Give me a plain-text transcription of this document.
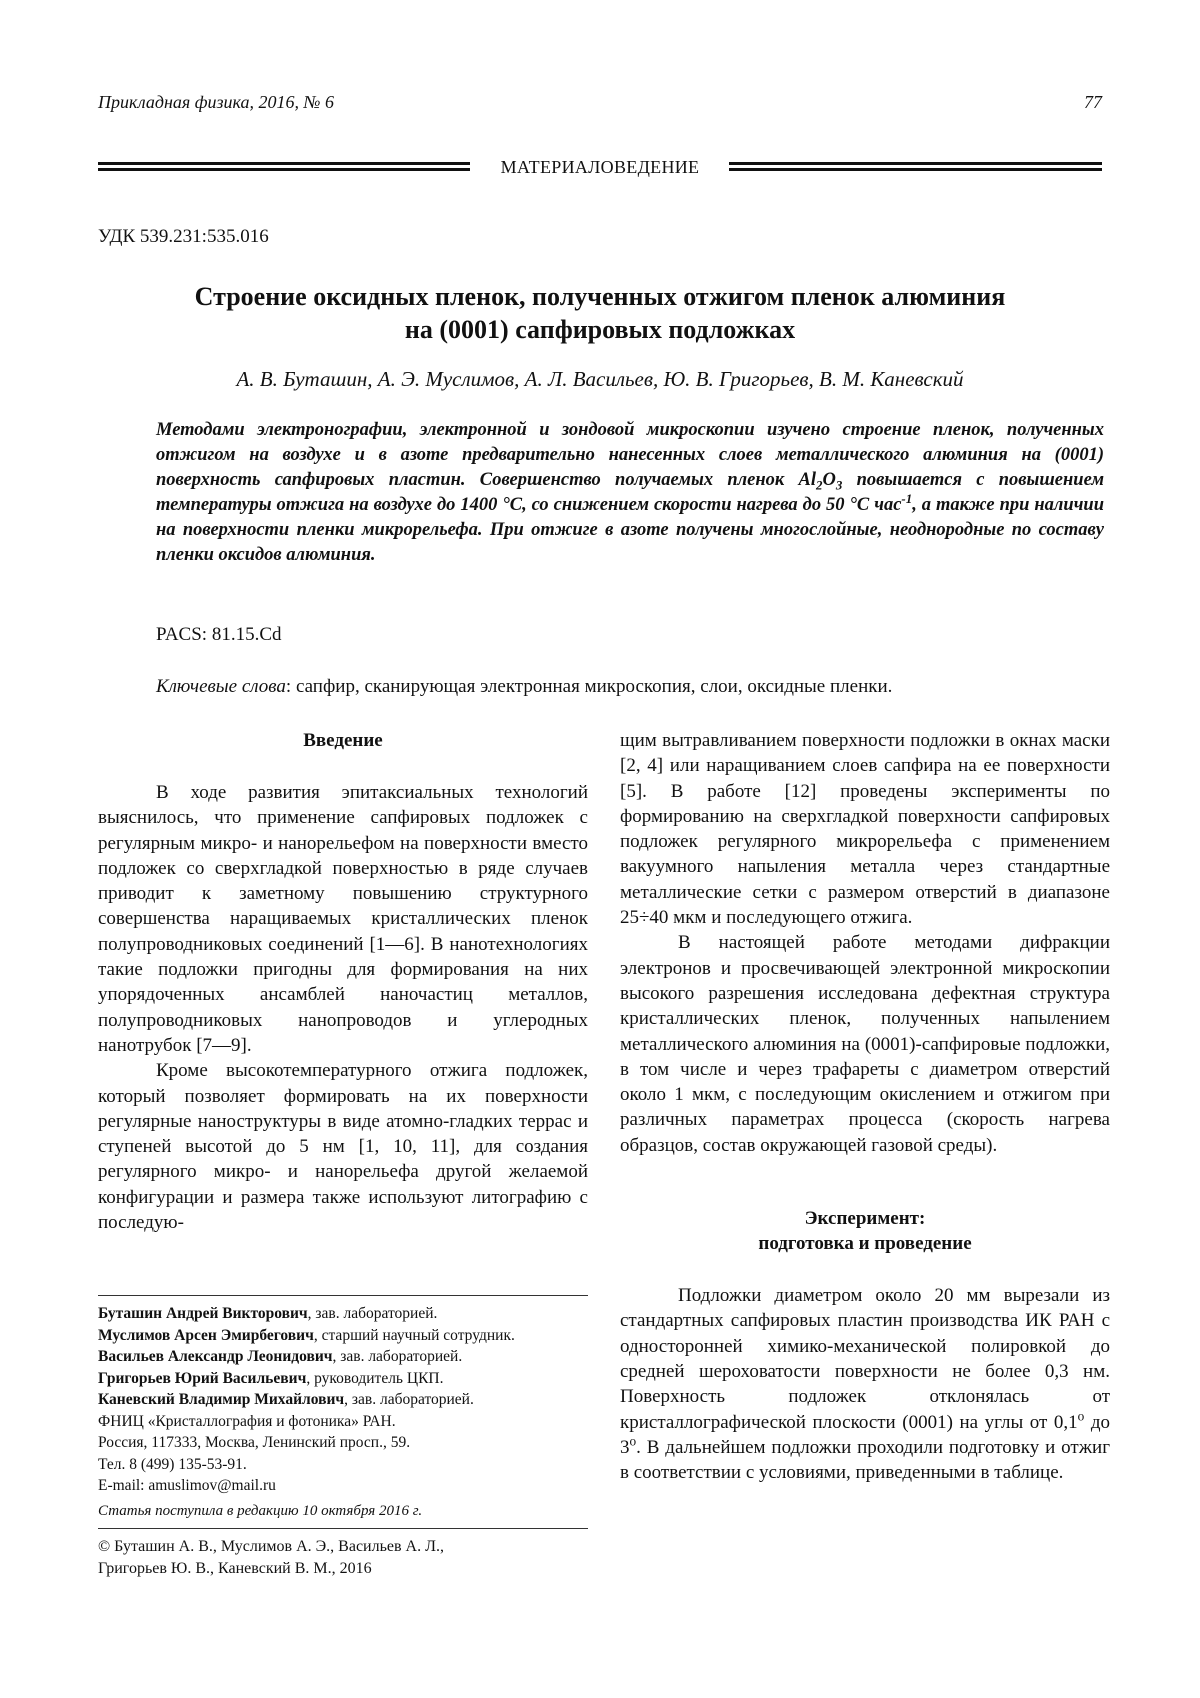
Прикладная физика, 2016, № 6	77
МАТЕРИАЛОВЕДЕНИЕ
УДК 539.231:535.016
Строение оксидных пленок, полученных отжигом пленок алюминия
на (0001) сапфировых подложках
А. В. Буташин, А. Э. Муслимов, А. Л. Васильев, Ю. В. Григорьев, В. М. Каневский
Методами электронографии, электронной и зондовой микроскопии изучено строение пленок, полученных отжигом на воздухе и в азоте предварительно нанесенных слоев металлического алюминия на (0001) поверхность сапфировых пластин. Совершенство получаемых пленок $Al_2O_3$ повышается с повышением температуры отжига на воздухе до 1400 °С, со снижением скорости нагрева до 50 °С час$^{-1}$, а также при наличии на поверхности пленки микрорельефа. При отжиге в азоте получены многослойные, неоднородные по составу пленки оксидов алюминия.
PACS: 81.15.Cd
Ключевые слова: сапфир, сканирующая электронная микроскопия, слои, оксидные пленки.
Введение

В ходе развития эпитаксиальных технологий выяснилось, что применение сапфировых подложек с регулярным микро- и нанорельефом на поверхности вместо подложек со сверхгладкой поверхностью в ряде случаев приводит к заметному повышению структурного совершенства наращиваемых кристаллических пленок полупроводниковых соединений [1—6]. В нанотехнологиях такие подложки пригодны для формирования на них упорядоченных ансамблей наночастиц металлов, полупроводниковых нанопроводов и углеродных нанотрубок [7—9].

Кроме высокотемпературного отжига подложек, который позволяет формировать на их поверхности регулярные наноструктуры в виде атомно-гладких террас и ступеней высотой до 5 нм [1, 10, 11], для создания регулярного микро- и нанорельефа другой желаемой конфигурации и размера также используют литографию с последую-

щим вытравливанием поверхности подложки в окнах маски [2, 4] или наращиванием слоев сапфира на ее поверхности [5]. В работе [12] проведены эксперименты по формированию на сверхгладкой поверхности сапфировых подложек регулярного микрорельефа с применением вакуумного напыления металла через стандартные металлические сетки с размером отверстий в диапазоне 25÷40 мкм и последующего отжига.

В настоящей работе методами дифракции электронов и просвечивающей электронной микроскопии высокого разрешения исследована дефектная структура кристаллических пленок, полученных напылением металлического алюминия на (0001)-сапфировые подложки, в том числе и через трафареты с диаметром отверстий около 1 мкм, с последующим окислением и отжигом при различных параметрах процесса (скорость нагрева образцов, состав окружающей газовой среды).

Эксперимент:
подготовка и проведение

Подложки диаметром около 20 мм вырезали из стандартных сапфировых пластин производства ИК РАН с односторонней химико-механической полировкой до средней шероховатости поверхности не более 0,3 нм. Поверхность подложек отклонялась от кристаллографической плоскости (0001) на углы от $0,1^о$ до $3^о$. В дальнейшем подложки проходили подготовку и отжиг в соответствии с условиями, приведенными в таблице.

Буташин Андрей Викторович, зав. лабораторией.
Муслимов Арсен Эмирбегович, старший научный сотрудник.
Васильев Александр Леонидович, зав. лабораторией.
Григорьев Юрий Васильевич, руководитель ЦКП.
Каневский Владимир Михайлович, зав. лабораторией.
ФНИЦ «Кристаллография и фотоника» РАН.
Россия, 117333, Москва, Ленинский просп., 59.
Тел. 8 (499) 135-53-91.
E-mail: amuslimov@mail.ru
Статья поступила в редакцию 10 октября 2016 г.
© Буташин А. В., Муслимов А. Э., Васильев А. Л.,
Григорьев Ю. В., Каневский В. М., 2016
